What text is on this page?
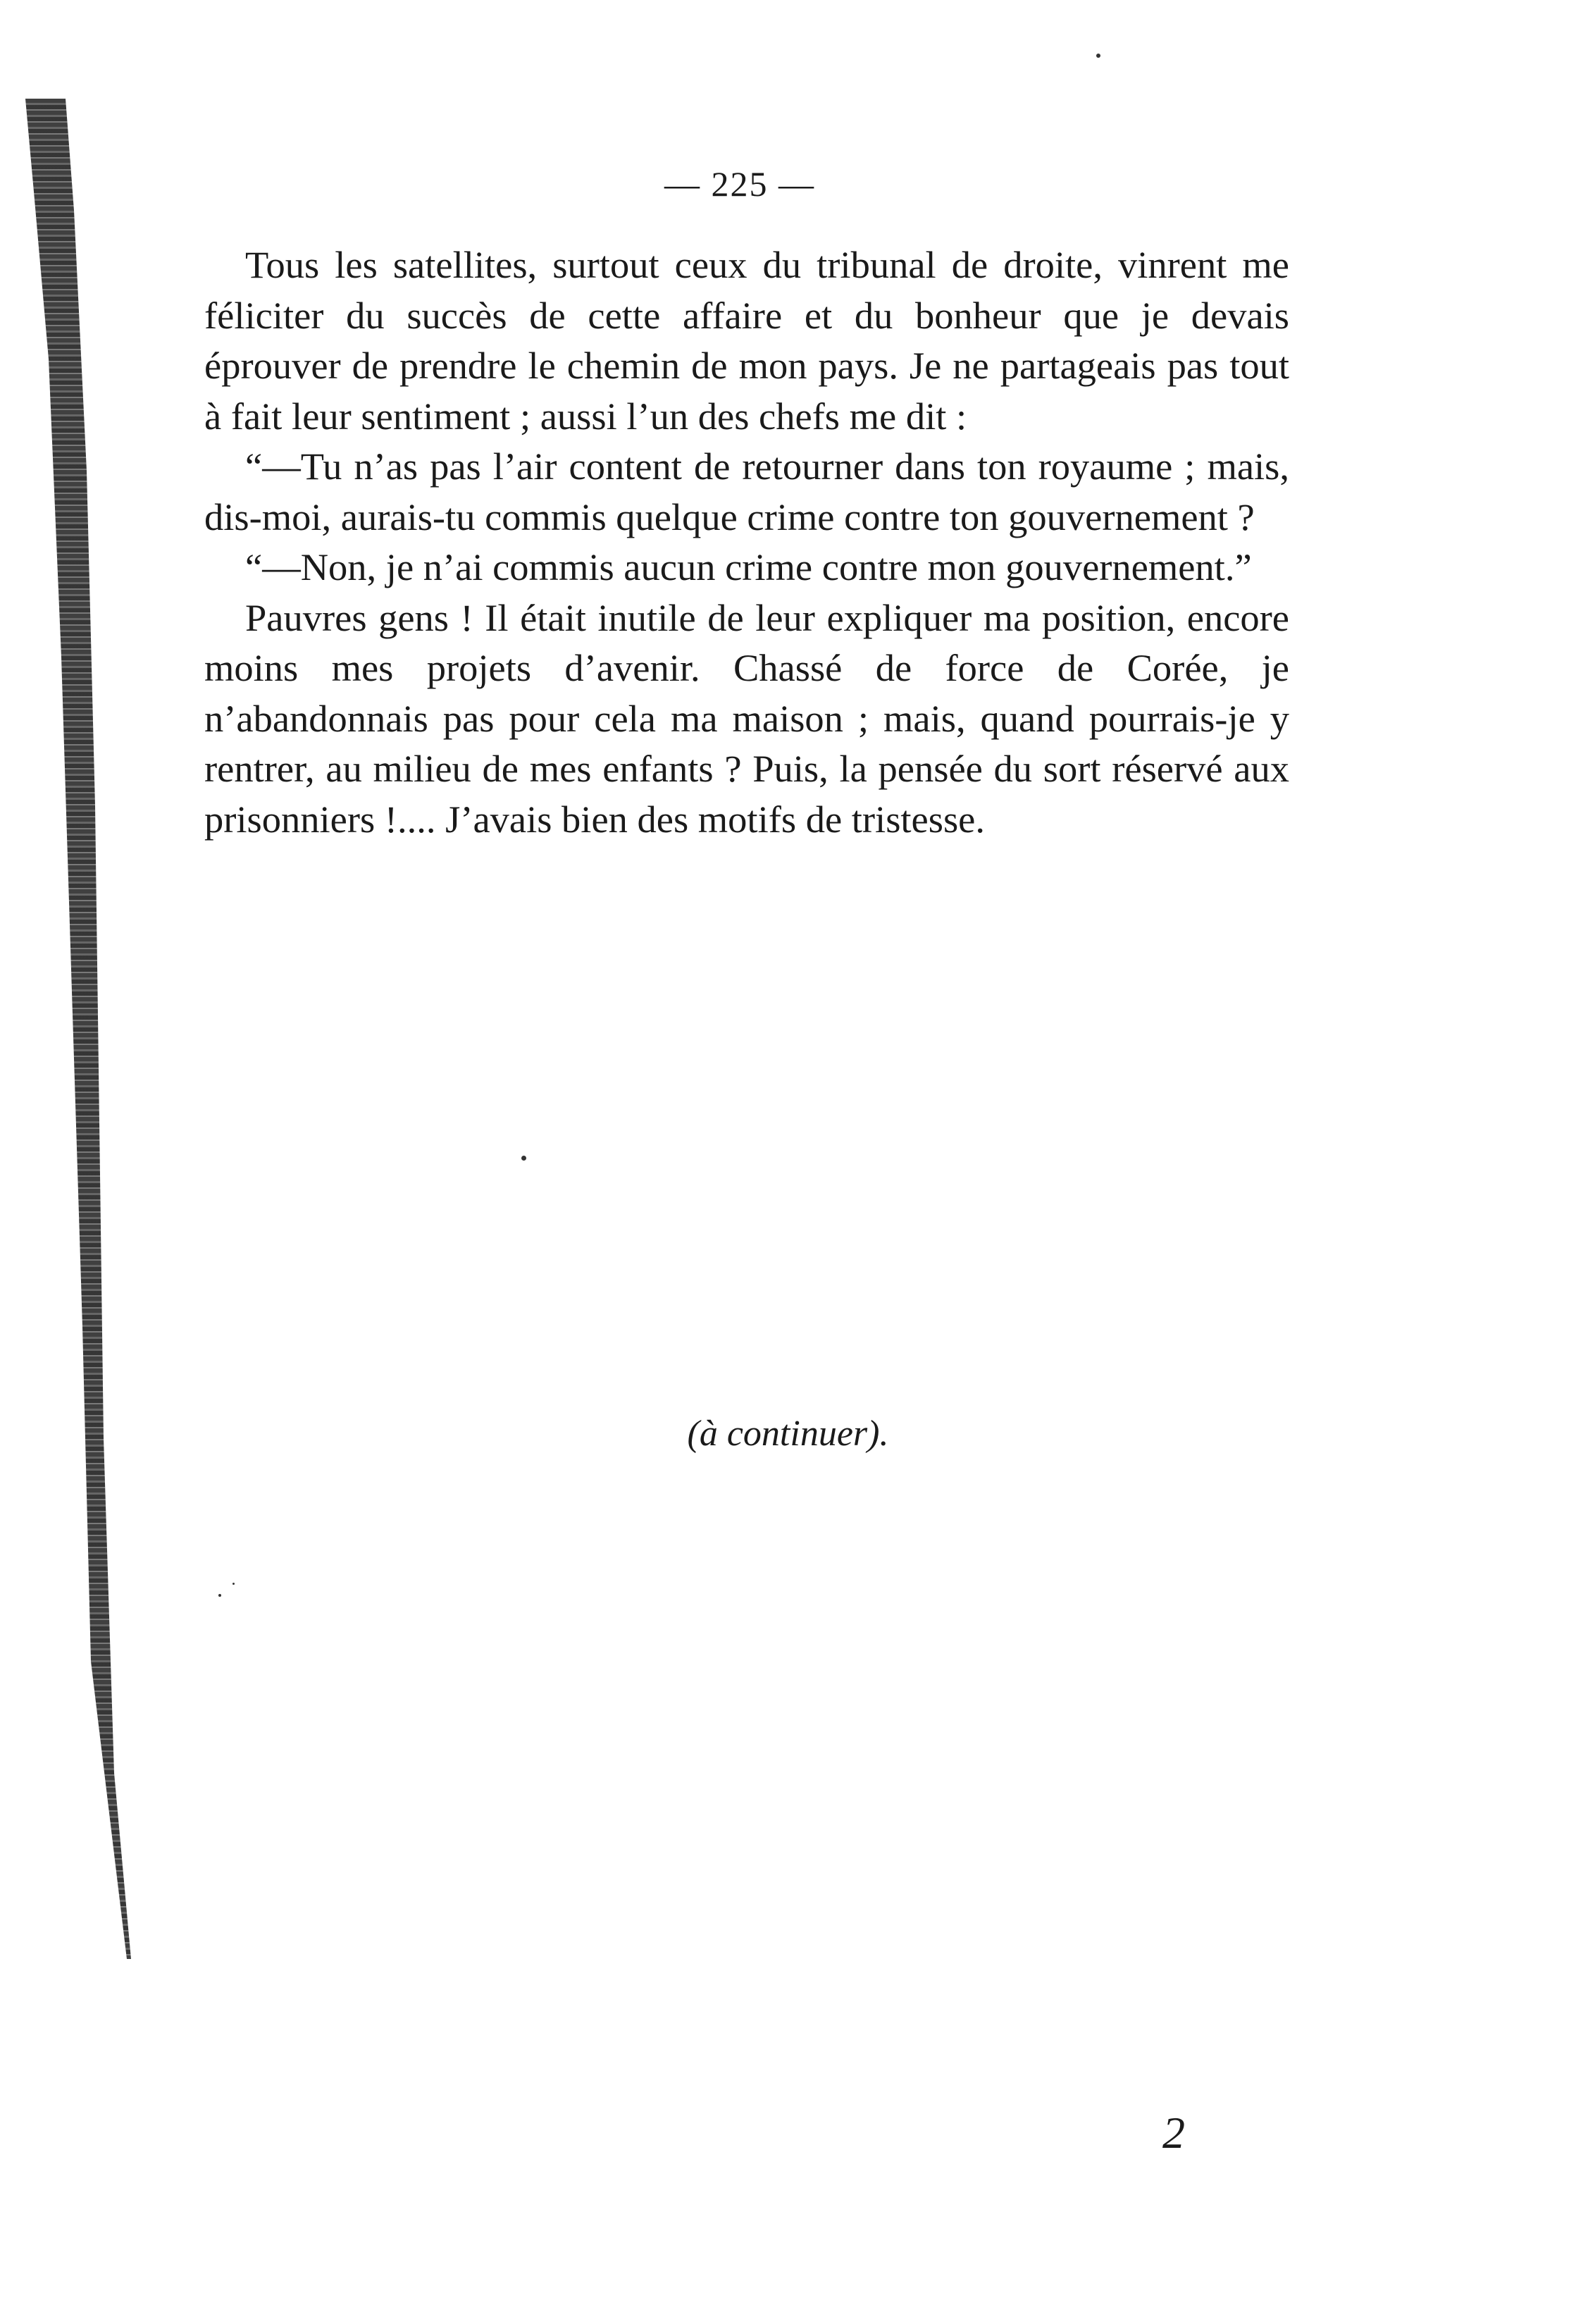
— 225 —

Tous les satellites, surtout ceux du tribunal de droite, vinrent me féliciter du succès de cette affaire et du bonheur que je devais éprouver de prendre le chemin de mon pays. Je ne partageais pas tout à fait leur sentiment ; aussi l’un des chefs me dit :

“—Tu n’as pas l’air content de retourner dans ton royaume ; mais, dis-moi, aurais-tu commis quelque crime contre ton gouvernement ?

“—Non, je n’ai commis aucun crime contre mon gouvernement.”

Pauvres gens ! Il était inutile de leur expliquer ma position, encore moins mes projets d’avenir. Chassé de force de Corée, je n’abandonnais pas pour cela ma maison ; mais, quand pourrais-je y rentrer, au milieu de mes enfants ? Puis, la pensée du sort réservé aux prisonniers !.... J’avais bien des motifs de tristesse.

(à continuer).
2
